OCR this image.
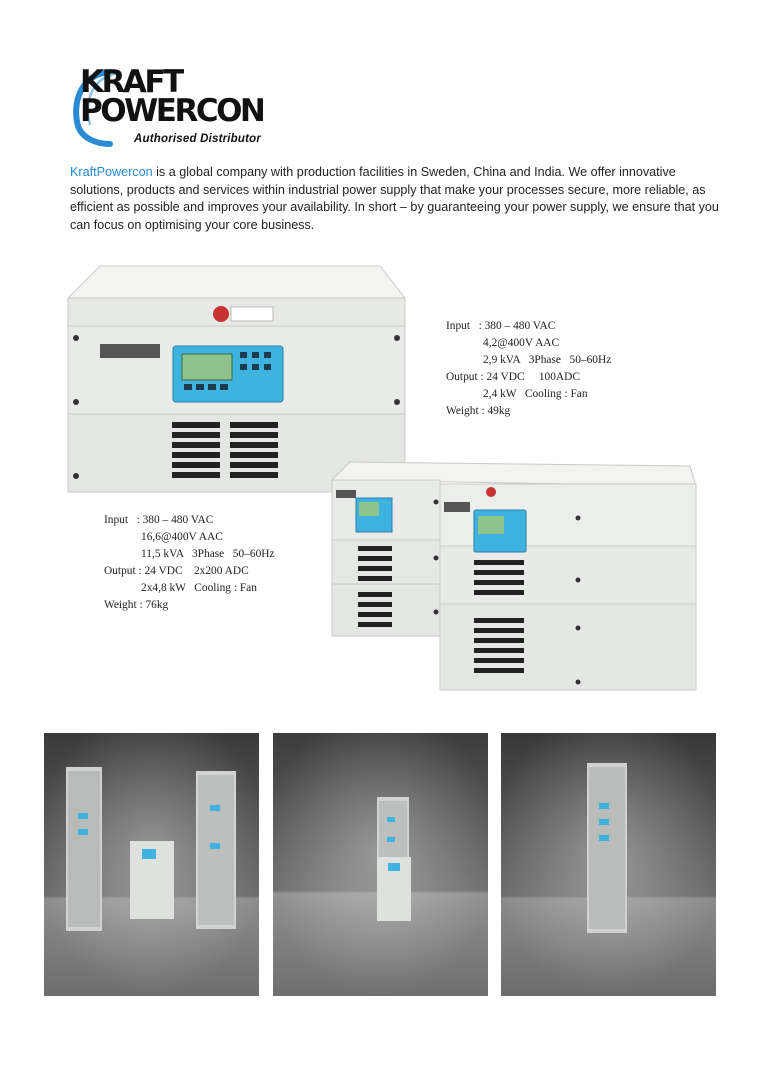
KRAFT
POWERCON
Authorised Distributor
KraftPowercon is a global company with production facilities in Sweden, China and India. We offer innovative solutions, products and services within industrial power supply that make your processes secure, more reliable, as efficient as possible and improves your availability. In short – by guaranteeing your power supply, we ensure that you can focus on optimising your core business.
Input   : 380 – 480 VAC
4,2@400V AAC
2,9 kVA   3Phase   50–60Hz
Output : 24 VDC     100ADC
2,4 kW   Cooling : Fan
Weight : 49kg
Input   : 380 – 480 VAC
16,6@400V AAC
11,5 kVA   3Phase   50–60Hz
Output : 24 VDC    2x200 ADC
2x4,8 kW   Cooling : Fan
Weight : 76kg
